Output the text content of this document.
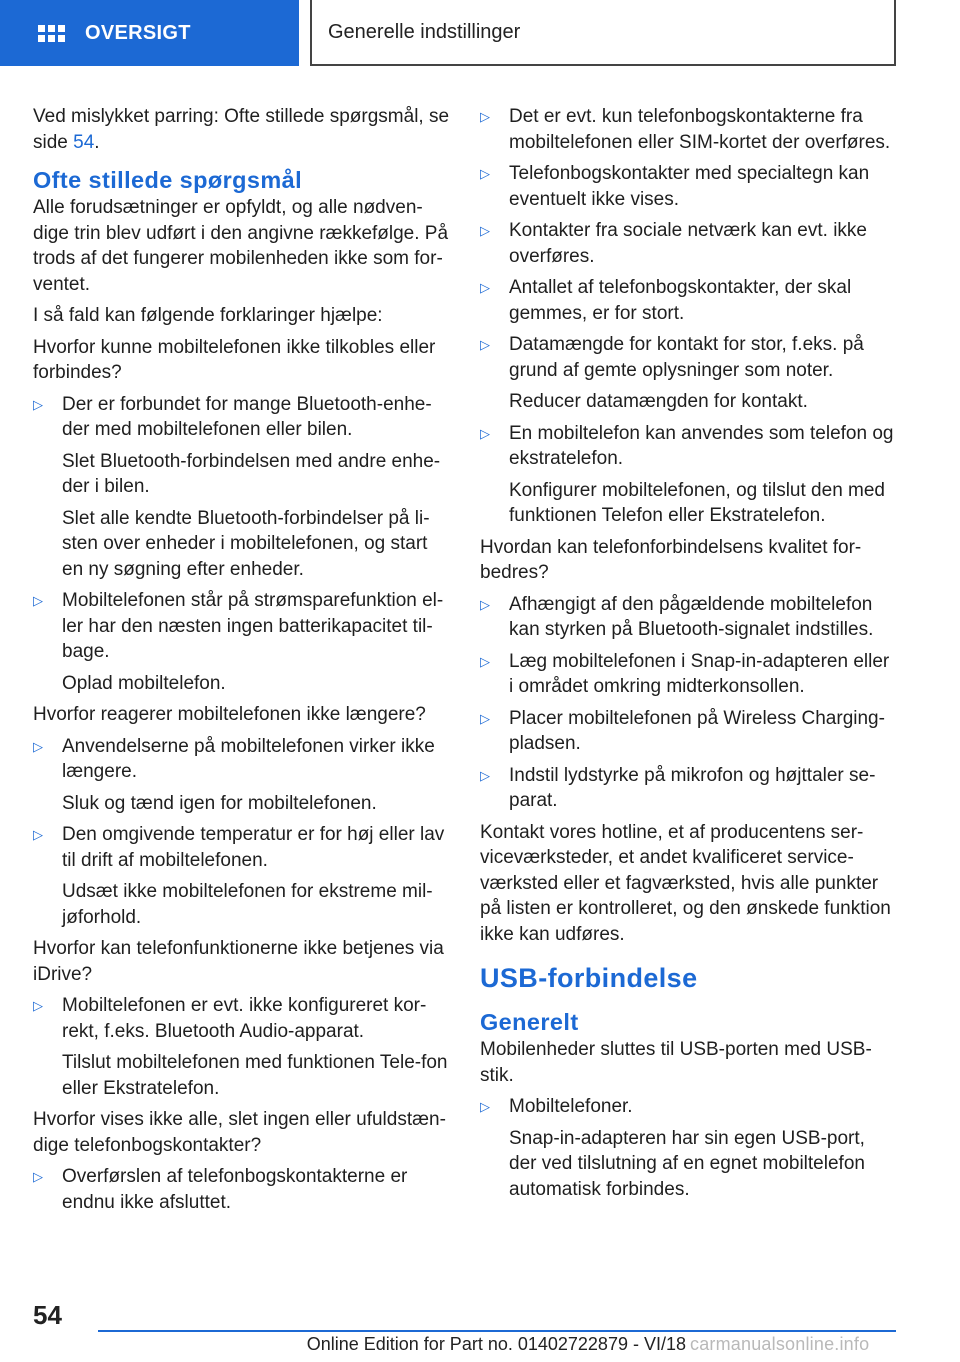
OVERSIGT	Generelle indstillinger
Ved mislykket parring: Ofte stillede spørgsmål, se side 54.
Ofte stillede spørgsmål
Alle forudsætninger er opfyldt, og alle nødven-dige trin blev udført i den angivne rækkefølge. På trods af det fungerer mobilenheden ikke som for-ventet.
I så fald kan følgende forklaringer hjælpe:
Hvorfor kunne mobiltelefonen ikke tilkobles eller forbindes?
▷ Der er forbundet for mange Bluetooth-enhe-der med mobiltelefonen eller bilen.
Slet Bluetooth-forbindelsen med andre enhe-der i bilen.
Slet alle kendte Bluetooth-forbindelser på li-sten over enheder i mobiltelefonen, og start en ny søgning efter enheder.
▷ Mobiltelefonen står på strømsparefunktion el-ler har den næsten ingen batterikapacitet til-bage.
Oplad mobiltelefon.
Hvorfor reagerer mobiltelefonen ikke længere?
▷ Anvendelserne på mobiltelefonen virker ikke længere.
Sluk og tænd igen for mobiltelefonen.
▷ Den omgivende temperatur er for høj eller lav til drift af mobiltelefonen.
Udsæt ikke mobiltelefonen for ekstreme mil-jøforhold.
Hvorfor kan telefonfunktionerne ikke betjenes via iDrive?
▷ Mobiltelefonen er evt. ikke konfigureret kor-rekt, f.eks. Bluetooth Audio-apparat.
Tilslut mobiltelefonen med funktionen Tele-fon eller Ekstratelefon.
Hvorfor vises ikke alle, slet ingen eller ufuldstæn-dige telefonbogskontakter?
▷ Overførslen af telefonbogskontakterne er endnu ikke afsluttet.
▷ Det er evt. kun telefonbogskontakterne fra mobiltelefonen eller SIM-kortet der overføres.
▷ Telefonbogskontakter med specialtegn kan eventuelt ikke vises.
▷ Kontakter fra sociale netværk kan evt. ikke overføres.
▷ Antallet af telefonbogskontakter, der skal gemmes, er for stort.
▷ Datamængde for kontakt for stor, f.eks. på grund af gemte oplysninger som noter.
Reducer datamængden for kontakt.
▷ En mobiltelefon kan anvendes som telefon og ekstratelefon.
Konfigurer mobiltelefonen, og tilslut den med funktionen Telefon eller Ekstratelefon.
Hvordan kan telefonforbindelsens kvalitet for-bedres?
▷ Afhængigt af den pågældende mobiltelefon kan styrken på Bluetooth-signalet indstilles.
▷ Læg mobiltelefonen i Snap-in-adapteren eller i området omkring midterkonsollen.
▷ Placer mobiltelefonen på Wireless Charging-pladsen.
▷ Indstil lydstyrke på mikrofon og højttaler se-parat.
Kontakt vores hotline, et af producentens ser-viceværksteder, et andet kvalificeret service-værksted eller et fagværksted, hvis alle punkter på listen er kontrolleret, og den ønskede funktion ikke kan udføres.
USB-forbindelse
Generelt
Mobilenheder sluttes til USB-porten med USB-stik.
▷ Mobiltelefoner.
Snap-in-adapteren har sin egen USB-port, der ved tilslutning af en egnet mobiltelefon automatisk forbindes.
54
Online Edition for Part no. 01402722879 - VI/18 carmanualsonline.info
